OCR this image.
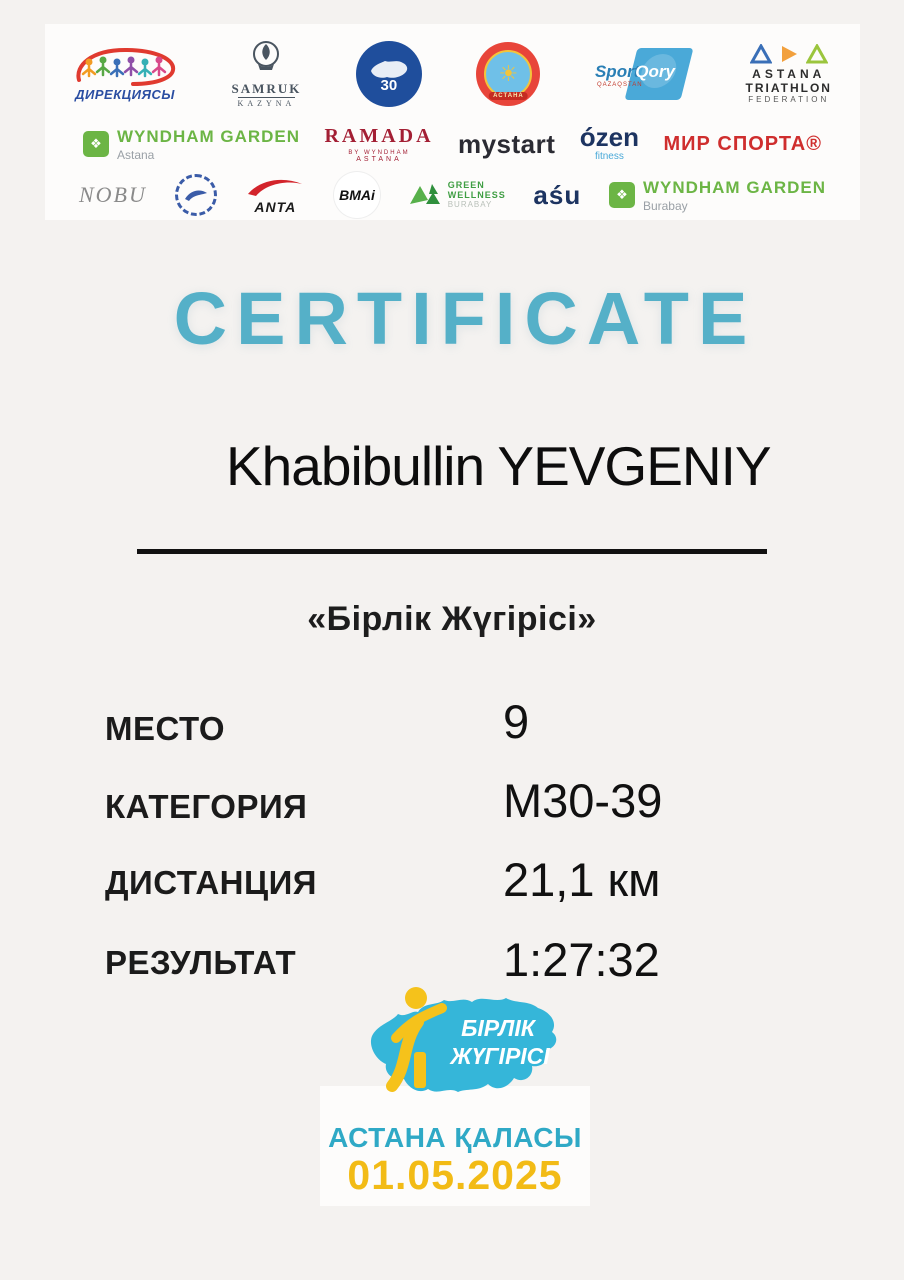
ДИРЕКЦИЯСЫ	SAMRUK
KAZYNA
30	☀
АСТАНА
Sport
Qory
QAZAQSTAN
ASTANA
TRIATHLON
FEDERATION
❖ WYNDHAM GARDEN
Astana
RAMADA
BY WYNDHAM
ASTANA
mystart ózen
fitness
МИР СПОРТА®
NOBU	ANTA
BMAi
GREEN
WELLNESS
BURABAY aśu	❖ WYNDHAM GARDEN
Burabay
CERTIFICATE
Khabibullin YEVGENIY
«Бірлік Жүгірісі»
МЕСТО	9
КАТЕГОРИЯ	M30-39
ДИСТАНЦИЯ	21,1 км
РЕЗУЛЬТАТ	1:27:32
БІРЛІК
ЖҮГІРІСІ
АСТАНА ҚАЛАСЫ
01.05.2025
